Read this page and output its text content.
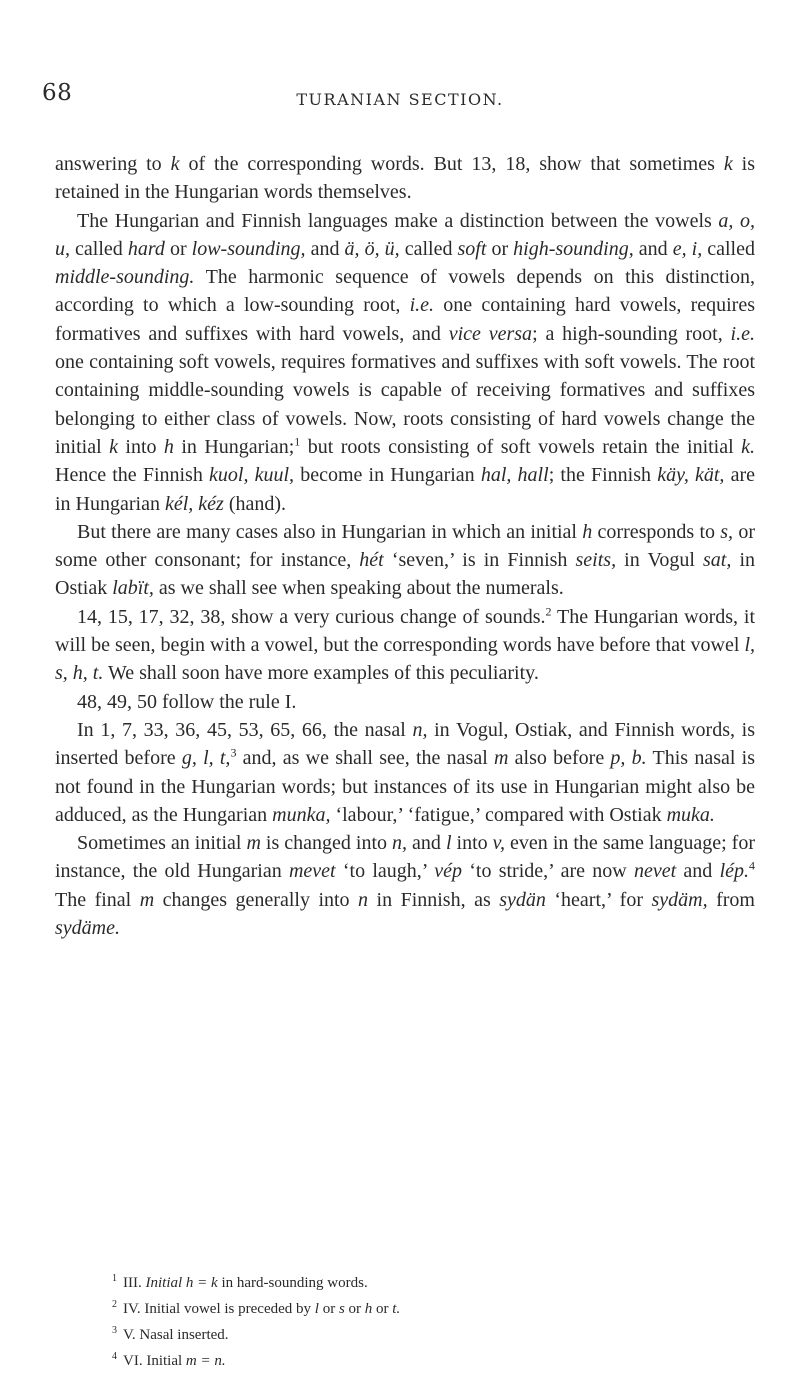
68	TURANIAN SECTION.

answering to k of the corresponding words. But 13, 18, show that sometimes k is retained in the Hungarian words themselves.

The Hungarian and Finnish languages make a distinction between the vowels a, o, u, called hard or low-sounding, and ä, ö, ü, called soft or high-sounding, and e, i, called middle-sounding. The harmonic sequence of vowels depends on this distinction, according to which a low-sounding root, i.e. one containing hard vowels, requires formatives and suffixes with hard vowels, and vice versa; a high-sounding root, i.e. one containing soft vowels, requires formatives and suffixes with soft vowels. The root containing middle-sounding vowels is capable of receiving formatives and suffixes belonging to either class of vowels. Now, roots consisting of hard vowels change the initial k into h in Hungarian;$^1$ but roots consisting of soft vowels retain the initial k. Hence the Finnish kuol, kuul, become in Hungarian hal, hall; the Finnish käy, kät, are in Hungarian kél, kéz (hand).

But there are many cases also in Hungarian in which an initial h corresponds to s, or some other consonant; for instance, hét ‘seven,’ is in Finnish seits, in Vogul sat, in Ostiak labït, as we shall see when speaking about the numerals.

14, 15, 17, 32, 38, show a very curious change of sounds.$^2$ The Hungarian words, it will be seen, begin with a vowel, but the corresponding words have before that vowel l, s, h, t. We shall soon have more examples of this peculiarity.

48, 49, 50 follow the rule I.

In 1, 7, 33, 36, 45, 53, 65, 66, the nasal n, in Vogul, Ostiak, and Finnish words, is inserted before g, l, t,$^3$ and, as we shall see, the nasal m also before p, b. This nasal is not found in the Hungarian words; but instances of its use in Hungarian might also be adduced, as the Hungarian munka, ‘labour,’ ‘fatigue,’ compared with Ostiak muka.

Sometimes an initial m is changed into n, and l into v, even in the same language; for instance, the old Hungarian mevet ‘to laugh,’ vép ‘to stride,’ are now nevet and lép.$^4$ The final m changes generally into n in Finnish, as sydän ‘heart,’ for sydäm, from sydäme.

$^1$ III. Initial h = k in hard-sounding words.

$^2$ IV. Initial vowel is preceded by l or s or h or t.

$^3$ V. Nasal inserted.

$^4$ VI. Initial m = n.
